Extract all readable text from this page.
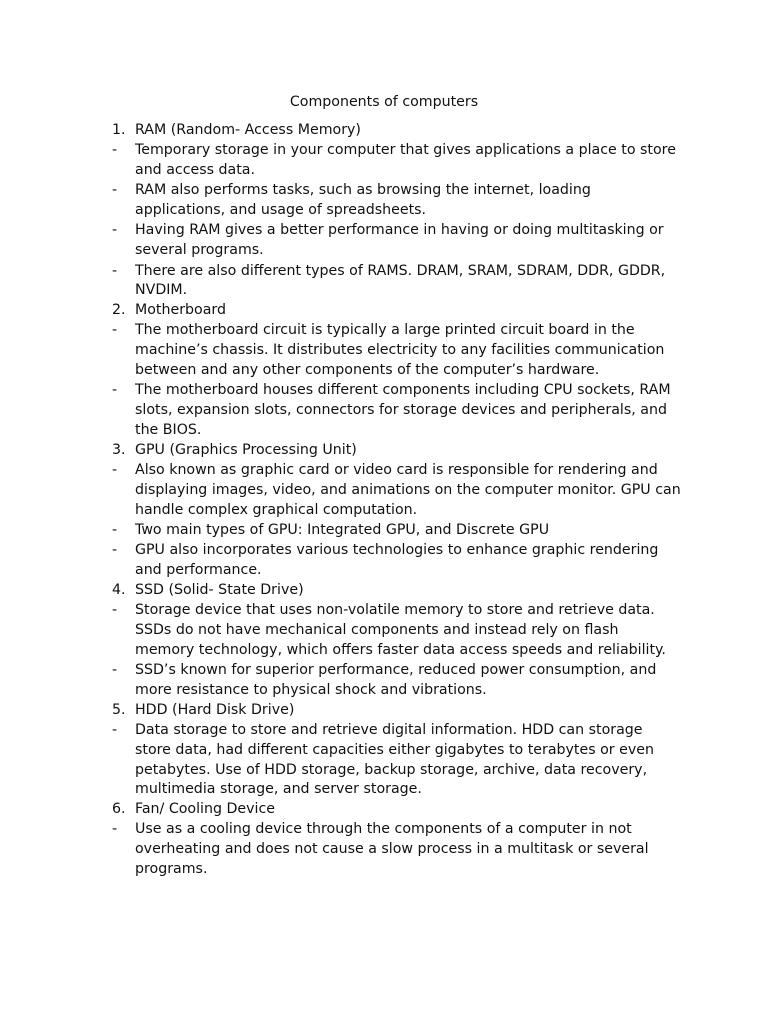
Components of computers
1. RAM (Random- Access Memory)
-	Temporary storage in your computer that gives applications a place to store and access data.
-	RAM also performs tasks, such as browsing the internet, loading applications, and usage of spreadsheets.
-	Having RAM gives a better performance in having or doing multitasking or several programs.
-	There are also different types of RAMS. DRAM, SRAM, SDRAM, DDR, GDDR, NVDIM.
2. Motherboard
-	The motherboard circuit is typically a large printed circuit board in the machine’s chassis. It distributes electricity to any facilities communication between and any other components of the computer’s hardware.
-	The motherboard houses different components including CPU sockets, RAM slots, expansion slots, connectors for storage devices and peripherals, and the BIOS.
3. GPU (Graphics Processing Unit)
-	Also known as graphic card or video card is responsible for rendering and displaying images, video, and animations on the computer monitor. GPU can handle complex graphical computation.
-	Two main types of GPU: Integrated GPU, and Discrete GPU
-	GPU also incorporates various technologies to enhance graphic rendering and performance.
4. SSD (Solid- State Drive)
-	Storage device that uses non-volatile memory to store and retrieve data. SSDs do not have mechanical components and instead rely on flash memory technology, which offers faster data access speeds and reliability.
-	SSD’s known for superior performance, reduced power consumption, and more resistance to physical shock and vibrations.
5. HDD (Hard Disk Drive)
-	Data storage to store and retrieve digital information. HDD can storage store data, had different capacities either gigabytes to terabytes or even petabytes. Use of HDD storage, backup storage, archive, data recovery, multimedia storage, and server storage.
6. Fan/ Cooling Device
-	Use as a cooling device through the components of a computer in not overheating and does not cause a slow process in a multitask or several programs.
